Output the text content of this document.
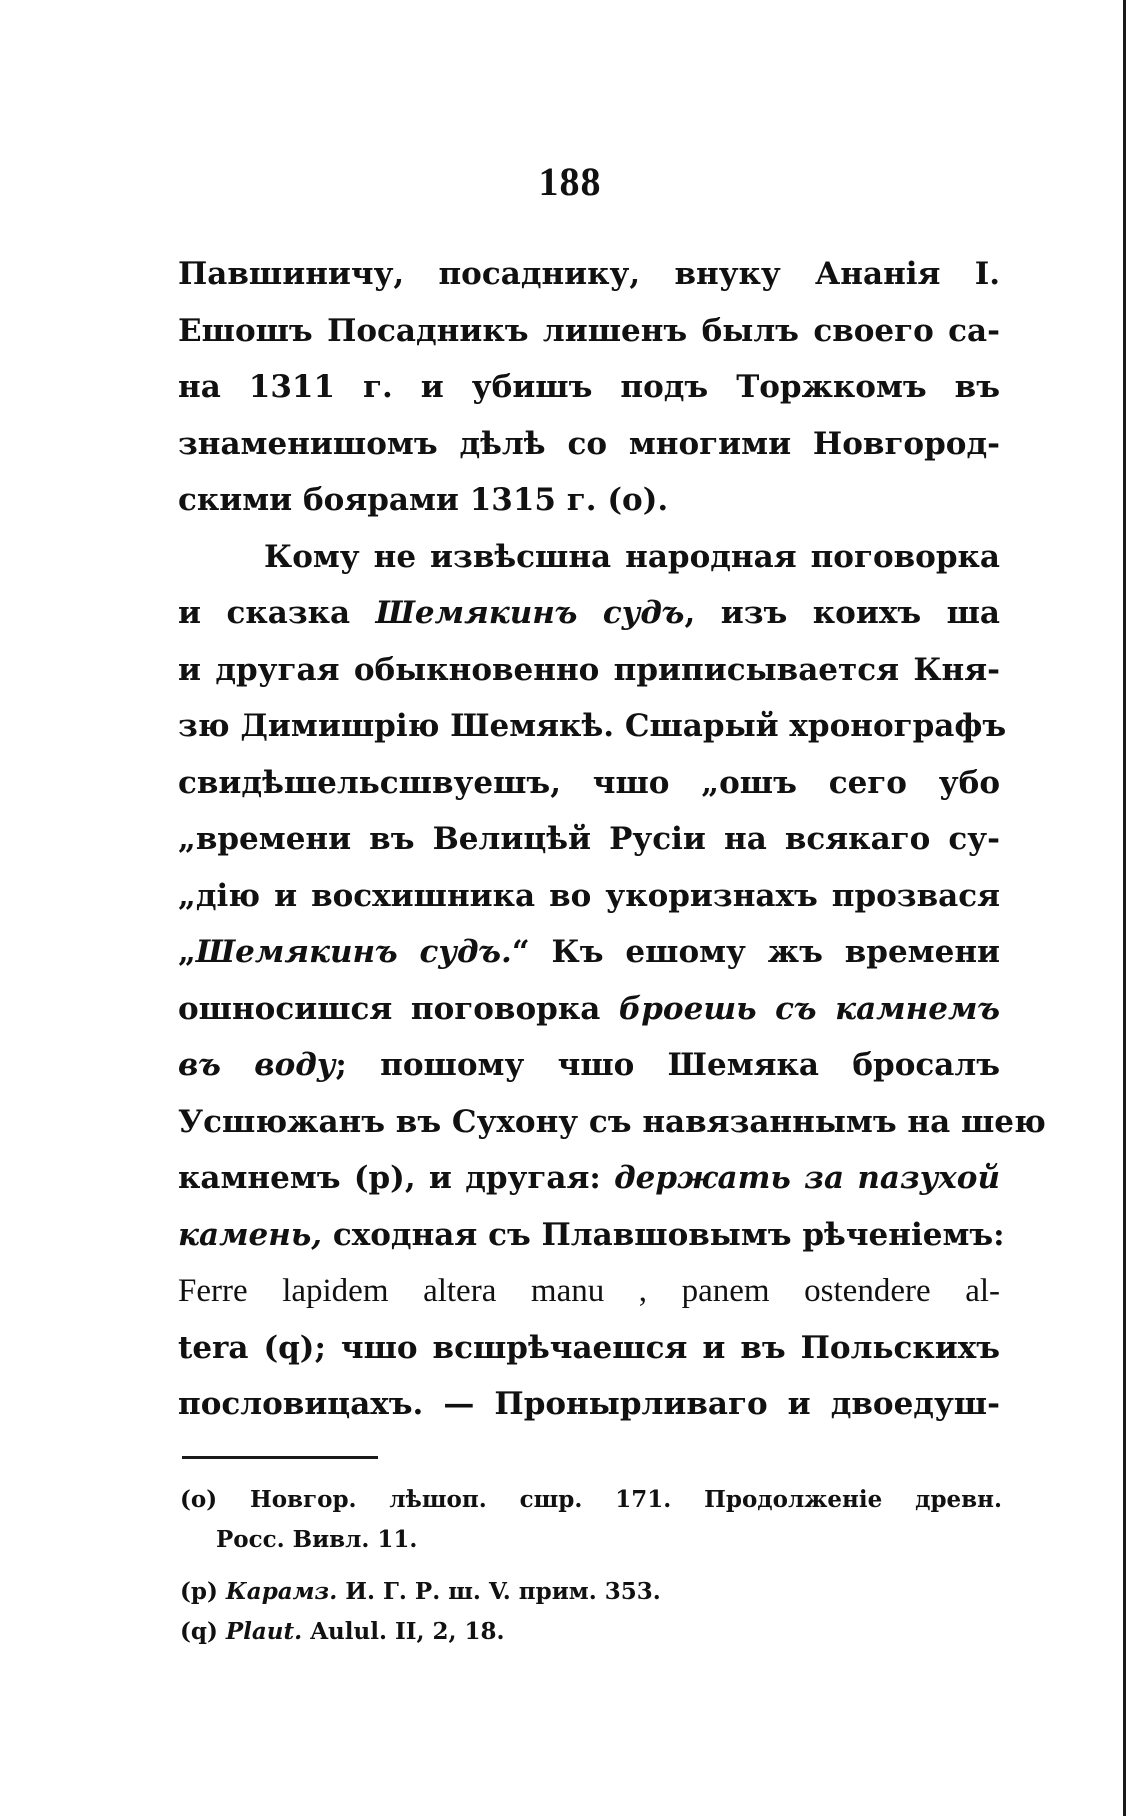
188
Павшиничу, посаднику, внуку Ананія I.
Ешошъ Посадникъ лишенъ былъ своего са-
на 1311 г. и убишъ подъ Торжкомъ въ
знаменишомъ дѣлѣ со многими Новгород-
скими боярами 1315 г. (о).
Кому не извѣсшна народная поговорка
и сказка Шемякинъ судъ, изъ коихъ ша
и другая обыкновенно приписывается Кня-
зю Димишрію Шемякѣ. Сшарый хронографъ
свидѣшельсшвуешъ, чшо „ошъ сего убо
„времени въ Велицѣй Русіи на всякаго су-
„дію и восхишника во укоризнахъ прозвася
„Шемякинъ судъ.“ Къ ешому жъ времени
ошносишся поговорка броешь съ камнемъ
въ воду; пошому чшо Шемяка бросалъ
Усшюжанъ въ Сухону съ навязаннымъ на шею
камнемъ (р), и другая: держать за пазухой
камень, сходная съ Плавшовымъ рѣченіемъ:
Ferre lapidem altera manu , panem ostendere al-
tera (q); чшо всшрѣчаешся и въ Польскихъ
пословицахъ. — Пронырливаго и двоедуш-
(о) Новгор. лѣшоп. сшр. 171. Продолженіе древн.
Росс. Вивл. 11.
(р) Карамз. И. Г. Р. ш. V. прим. 353.
(q) Plaut. Aulul. II, 2, 18.
